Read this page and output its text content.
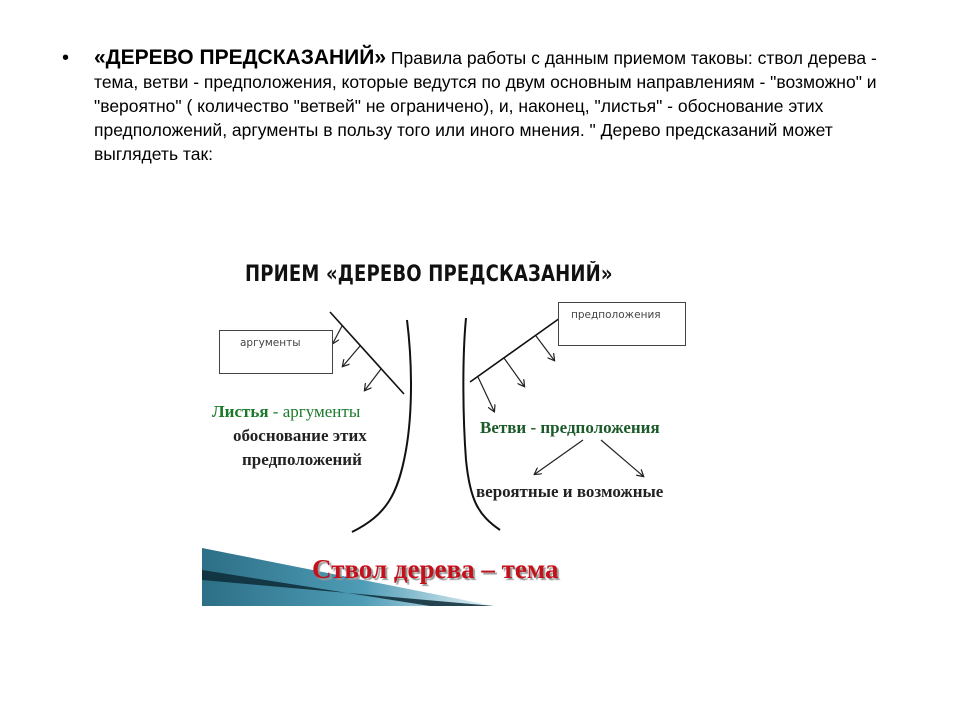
• «ДЕРЕВО ПРЕДСКАЗАНИЙ» Правила работы с данным приемом таковы: ствол дерева - тема, ветви - предположения, которые ведутся по двум основным направлениям - "возможно" и "вероятно" ( количество "ветвей" не ограничено), и, наконец, "листья" - обоснование этих предположений, аргументы в пользу того или иного мнения. " Дерево предсказаний может выглядеть так:
ПРИЕМ «ДЕРЕВО ПРЕДСКАЗАНИЙ»
аргументы
предположения
Листья - аргументы
обоснование этих
предположений
Ветви - предположения
вероятные и возможные
Ствол дерева – тема
